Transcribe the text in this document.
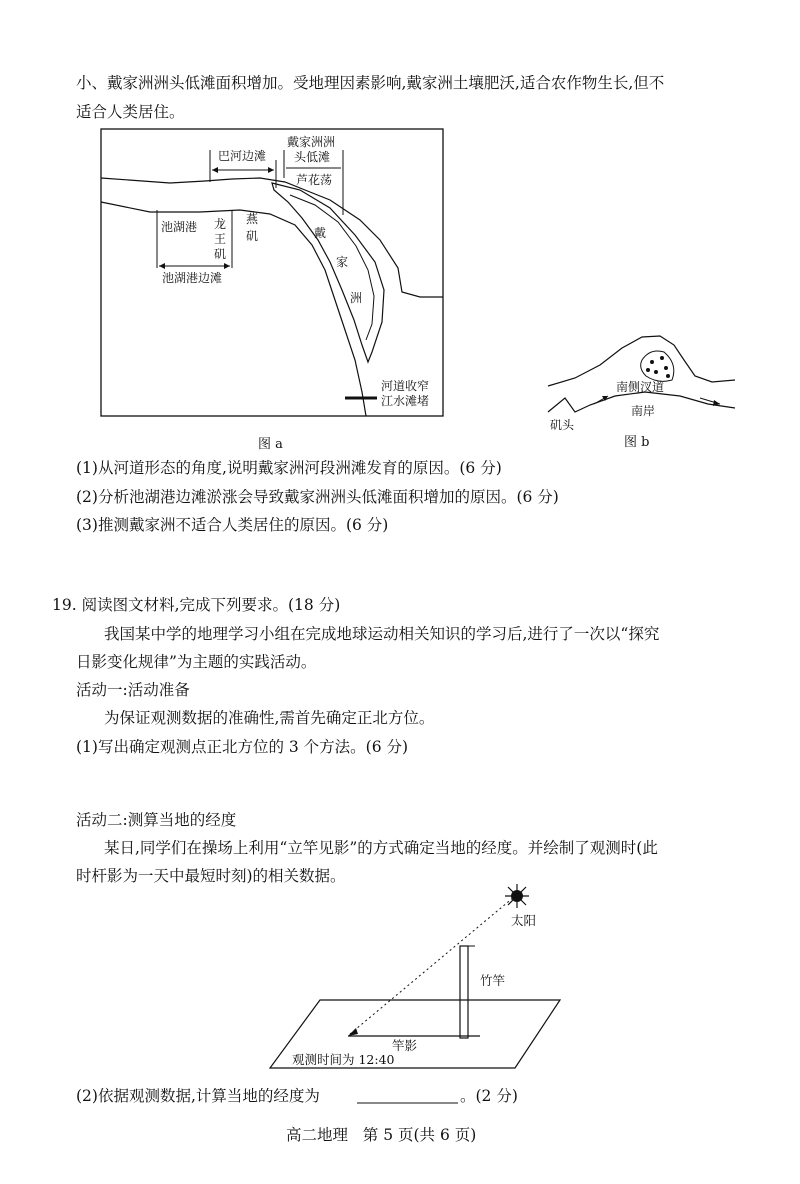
小、戴家洲洲头低滩面积增加。受地理因素影响,戴家洲土壤肥沃,适合农作物生长,但不
适合人类居住。
巴河边滩
戴家洲洲
头低滩
芦花荡
池湖港 龙
王
矶
燕
矶	戴
家
洲
池湖港边滩
河道收窄
江水滩堵
图 a
南侧汊道
南岸
矶头
图 b
太阳
竹竿
竿影
观测时间为 12:40
(1)从河道形态的角度,说明戴家洲河段洲滩发育的原因。(6 分)
(2)分析池湖港边滩淤涨会导致戴家洲洲头低滩面积增加的原因。(6 分)
(3)推测戴家洲不适合人类居住的原因。(6 分)
19. 阅读图文材料,完成下列要求。(18 分)
我国某中学的地理学习小组在完成地球运动相关知识的学习后,进行了一次以“探究
日影变化规律”为主题的实践活动。
活动一:活动准备
为保证观测数据的准确性,需首先确定正北方位。
(1)写出确定观测点正北方位的 3 个方法。(6 分)
活动二:测算当地的经度
某日,同学们在操场上利用“立竿见影”的方式确定当地的经度。并绘制了观测时(此
时杆影为一天中最短时刻)的相关数据。
(2)依据观测数据,计算当地的经度为	。(2 分)
高二地理   第 5 页(共 6 页)
